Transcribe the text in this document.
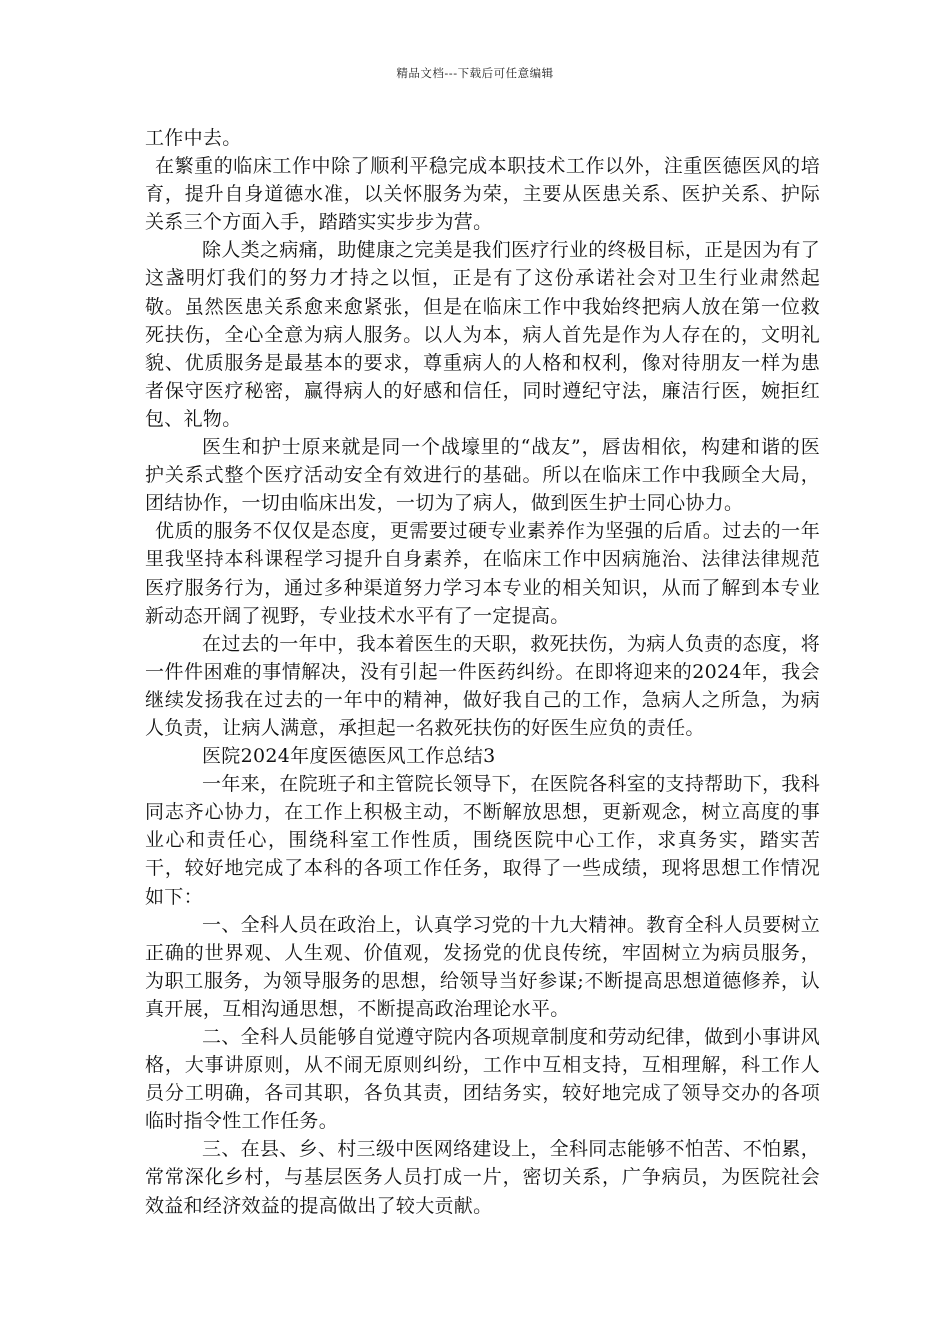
精品文档---下载后可任意编辑

工作中去。

在繁重的临床工作中除了顺利平稳完成本职技术工作以外，注重医德医风的培育，提升自身道德水准，以关怀服务为荣，主要从医患关系、医护关系、护际关系三个方面入手，踏踏实实步步为营。

除人类之病痛，助健康之完美是我们医疗行业的终极目标，正是因为有了这盏明灯我们的努力才持之以恒，正是有了这份承诺社会对卫生行业肃然起敬。虽然医患关系愈来愈紧张，但是在临床工作中我始终把病人放在第一位救死扶伤，全心全意为病人服务。以人为本，病人首先是作为人存在的，文明礼貌、优质服务是最基本的要求，尊重病人的人格和权利，像对待朋友一样为患者保守医疗秘密，赢得病人的好感和信任，同时遵纪守法，廉洁行医，婉拒红包、礼物。

医生和护士原来就是同一个战壕里的“战友”，唇齿相依，构建和谐的医护关系式整个医疗活动安全有效进行的基础。所以在临床工作中我顾全大局，团结协作，一切由临床出发，一切为了病人，做到医生护士同心协力。

优质的服务不仅仅是态度，更需要过硬专业素养作为坚强的后盾。过去的一年里我坚持本科课程学习提升自身素养，在临床工作中因病施治、法律法律规范医疗服务行为，通过多种渠道努力学习本专业的相关知识，从而了解到本专业新动态开阔了视野，专业技术水平有了一定提高。

在过去的一年中，我本着医生的天职，救死扶伤，为病人负责的态度，将一件件困难的事情解决，没有引起一件医药纠纷。在即将迎来的2024年，我会继续发扬我在过去的一年中的精神，做好我自己的工作，急病人之所急，为病人负责，让病人满意，承担起一名救死扶伤的好医生应负的责任。

医院2024年度医德医风工作总结3

一年来，在院班子和主管院长领导下，在医院各科室的支持帮助下，我科同志齐心协力，在工作上积极主动，不断解放思想，更新观念，树立高度的事业心和责任心，围绕科室工作性质，围绕医院中心工作，求真务实，踏实苦干，较好地完成了本科的各项工作任务，取得了一些成绩，现将思想工作情况如下：

一、全科人员在政治上，认真学习党的十九大精神。教育全科人员要树立正确的世界观、人生观、价值观，发扬党的优良传统，牢固树立为病员服务，为职工服务，为领导服务的思想，给领导当好参谋;不断提高思想道德修养，认真开展，互相沟通思想，不断提高政治理论水平。

二、全科人员能够自觉遵守院内各项规章制度和劳动纪律，做到小事讲风格，大事讲原则，从不闹无原则纠纷，工作中互相支持，互相理解，科工作人员分工明确，各司其职，各负其责，团结务实，较好地完成了领导交办的各项临时指令性工作任务。

三、在县、乡、村三级中医网络建设上，全科同志能够不怕苦、不怕累，常常深化乡村，与基层医务人员打成一片，密切关系，广争病员，为医院社会效益和经济效益的提高做出了较大贡献。
